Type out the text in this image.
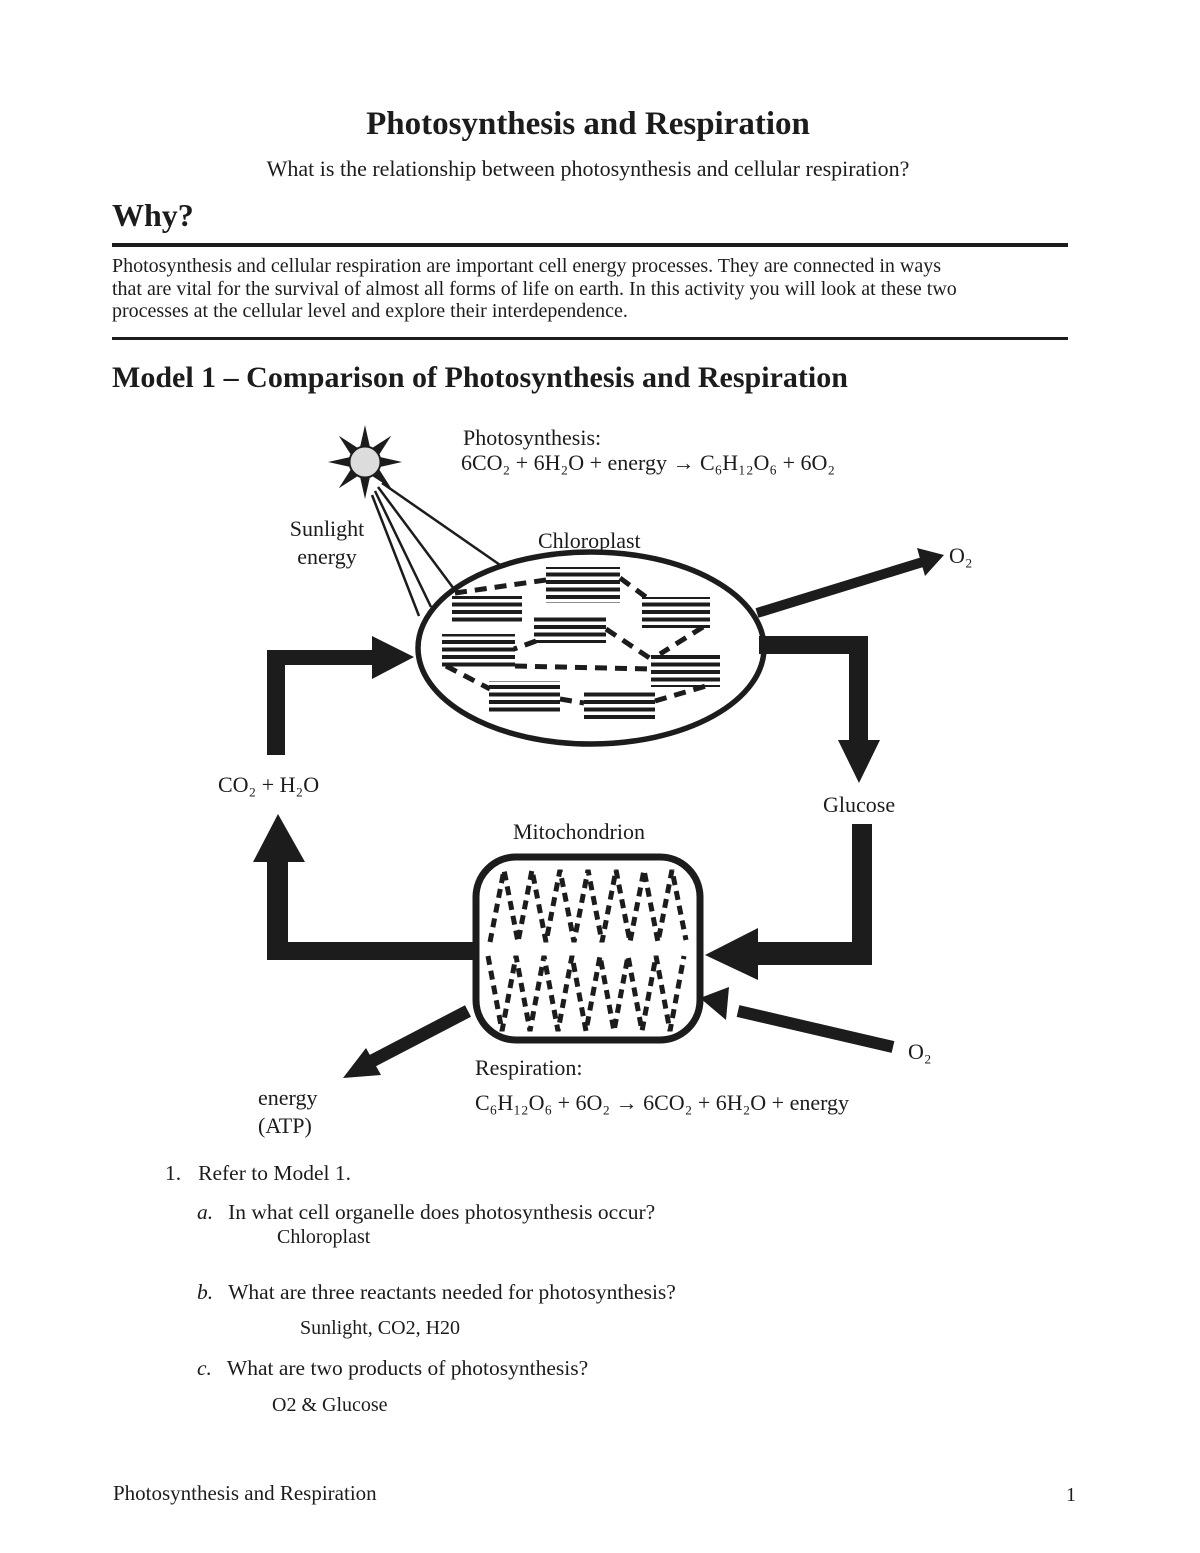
Photosynthesis and Respiration
What is the relationship between photosynthesis and cellular respiration?
Why?
Photosynthesis and cellular respiration are important cell energy processes. They are connected in ways
that are vital for the survival of almost all forms of life on earth. In this activity you will look at these two
processes at the cellular level and explore their interdependence.
Model 1 – Comparison of Photosynthesis and Respiration
Photosynthesis:
6CO₂ + 6H₂O + energy → C₆H₁₂O₆ + 6O₂
Sunlight
energy
Chloroplast
O₂
CO₂ + H₂O
Glucose
Mitochondrion
Respiration:
C₆H₁₂O₆ + 6O₂ → 6CO₂ + 6H₂O + energy
energy
(ATP)
O₂
1. Refer to Model 1.
a. In what cell organelle does photosynthesis occur?
Chloroplast
b. What are three reactants needed for photosynthesis?
Sunlight, CO2, H20
c. What are two products of photosynthesis?
O2 & Glucose
Photosynthesis and Respiration	1
